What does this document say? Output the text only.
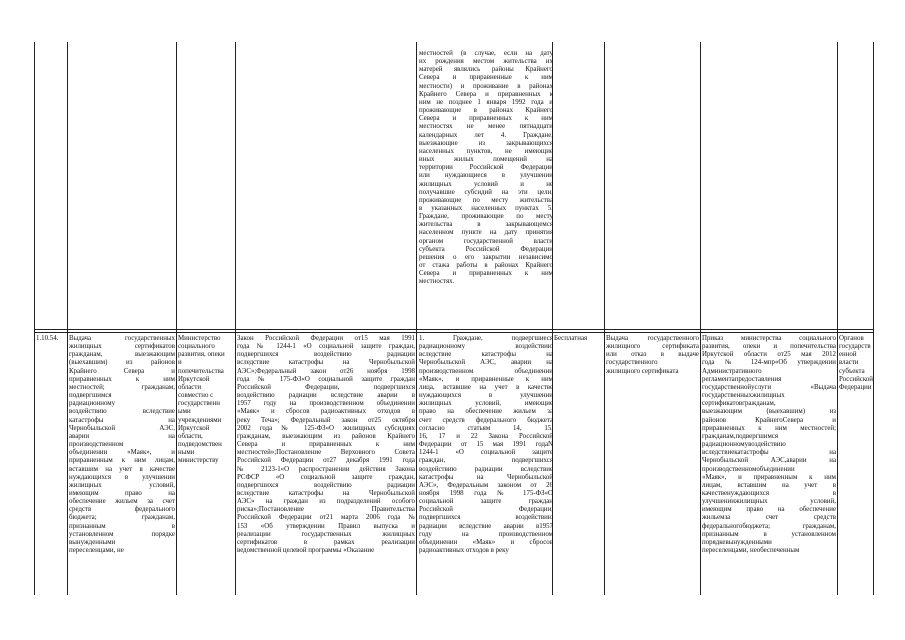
местностей (в случае, если на дату

их рождения местом жительства их

матерей являлись районы Крайнего

Севера и приравненные к ним

местности) и проживание в районах

Крайнего Севера и приравненных к

ним не позднее 1 января 1992 года и

проживающие в районах Крайнего

Севера и приравненных к ним

местностях не менее пятнадцати

календарных лет 4. Граждане,

выезжающие из закрывающихся

населенных пунктов, не имеющие

иных жилых помещений на

территории Российской Федерации

или нуждающиеся в улучшении

жилищных условий и не

получавшие субсидий на эти цели,

проживающие по месту жительства

в указанных населенных пунктах 5.

Граждане, проживающие по месту

жительства в закрывающемся

населенном пункте на дату принятия

органом государственной власти

субъекта Российской Федерации

решения о его закрытии независимо

от стажа работы в районах Крайнего

Севера и приравненных к ним

местностях.

1.10.54.	Выдача государственных

жилищных сертификатов

гражданам, выезжающим

(выехавшим) из районов

Крайнего Севера и

приравненных к ним

местностей; гражданам,

подвергшимся

радиационному

воздействию вследствие

катастрофы на

Чернобыльской АЭС,

аварии на

производственном

объединении «Маяк», и

приравненным к ним лицам,

вставшим на учет в качестве

нуждающихся в улучшении

жилищных условий,

имеющим право на

обеспечение жильем за счет

средств федерального

бюджета; гражданам,

признанным в

установленном порядке

вынужденными

переселенцами, не

Министерство

социального

развития, опеки

и

попечительства

Иркутской

области

совместно с

государственн

ыми

учреждениями

Иркутской

области,

подведомствен

ными

министерству

Закон Российской Федерации от15 мая 1991

года № 1244-1 «О социальной защите граждан,

подвергшихся воздействию радиации

вследствие катастрофы на Чернобыльской

АЭС»;Федеральный закон от26 ноября 1998

года № 175-ФЗ«О социальной защите граждан

Российской Федерации, подвергшихся

воздействию радиации вследствие аварии в

1957 году на производственном объединении

«Маяк» и сбросов радиоактивных отходов в

реку Теча»; Федеральный закон от25 октября

2002 года № 125-ФЗ«О жилищных субсидиях

гражданам, выезжающим из районов Крайнего

Севера и приравненных к ним

местностей»;Постановление Верховного Совета

Российской Федерации от27 декабря 1991 года

№ 2123-1«О распространении действия Закона

РСФСР «О социальной защите граждан,

подвергшихся воздействию радиации

вследствие катастрофы на Чернобыльской

АЭС» на граждан из подразделений особого

риска»;Постановление Правительства

Российской Федерации от21 марта 2006 года №

153 «Об утверждении Правил выпуска и

реализации государственных жилищных

сертификатов в рамках реализации

ведомственной целевой программы «Оказание

1. Граждане, подвергшиеся

радиационному воздействию

вследствие катастрофы на

Чернобыльской АЭС, аварии на

производственном объединении

«Маяк», и приравненные к ним

лица, вставшие на учет в качестве

нуждающихся в улучшении

жилищных условий, имеющие

право на обеспечение жильем за

счет средств федерального бюджета

согласно статьям 14, 15,

16, 17 и 22 Закона Российской

Федерации от 15 мая 1991 годаN

1244-1 «О социальной защите

граждан, подвергшихся

воздействию радиации вследствие

катастрофы на Чернобыльской

АЭС», Федеральным законом от 26

ноября 1998 года № 175-ФЗ«О

социальной защите граждан

Российской Федерации,

подвергшихся воздействию

радиации вследствие аварии в1957

году на производственном

объединении «Маяк» и сбросов

радиоактивных отходов в реку

Бесплатная	Выдача государственного

жилищного сертификата

или отказ в выдаче

государственного

жилищного сертификата

Приказ министерства социального

развития, опеки и попечительства

Иркутской области от25 мая 2012

года № 124-мпр«Об утверждении

Административного

регламентапредоставления

государственнойуслуги «Выдача

государственныхжилищных

сертификатовгражданам,

выезжающим (выехавшим) из

районов КрайнегоСевера и

приравненных к ним местностей;

гражданам,подвергшимся

радиационномувоздействию

вследствиекатастрофы на

Чернобыльской АЭС,аварии на

производственномобъединении

«Маяк», и приравненным к ним

лицам, вставшим на учет в

качественуждающихся в

улучшениижилищных условий,

имеющим право на обеспечение

жильемза счет средств

федеральногобюджета; гражданам,

признанным в установленном

порядкевынужденными

переселенцами, необеспеченным

Органов

государств

енной

власти

субъекта

Российской

Федерации
